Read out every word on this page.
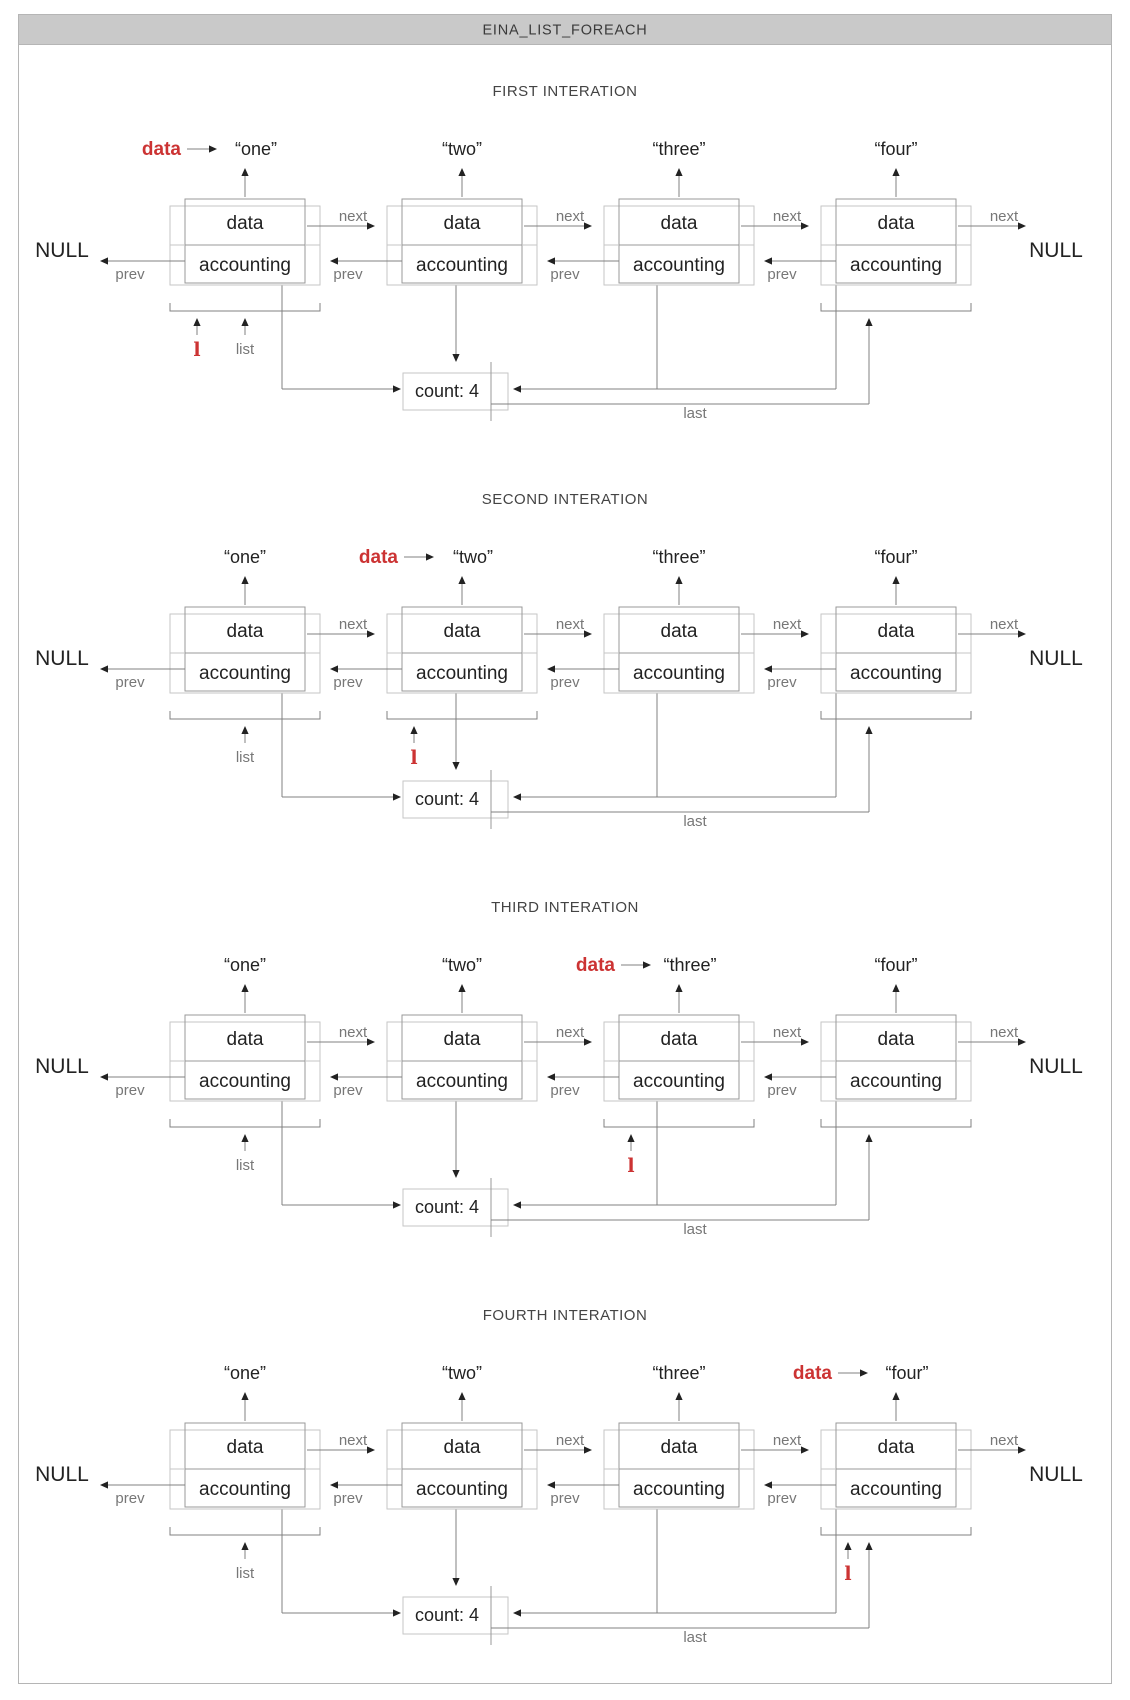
EINA_LIST_FOREACH
FIRST INTERATION
count: 4
last
NULL	NULL
“one”
data
accounting
next
prev
“two”
data
accounting
next
prev
“three”
data
accounting
next
prev
“four”
data
accounting
next
prev
list
l
data
SECOND INTERATION
count: 4
last
NULL	NULL
“one”
data
accounting
next
prev
“two”
data
accounting
next
prev
“three”
data
accounting
next
prev
“four”
data
accounting
next
prev
list	l
data
THIRD INTERATION
count: 4
last
NULL	NULL
“one”
data
accounting
next
prev
“two”
data
accounting
next
prev
“three”
data
accounting
next
prev
“four”
data
accounting
next
prev
list	l
data
FOURTH INTERATION
count: 4
last
NULL	NULL
“one”
data
accounting
next
prev
“two”
data
accounting
next
prev
“three”
data
accounting
next
prev
“four”
data
accounting
next
prev
list	l
data
